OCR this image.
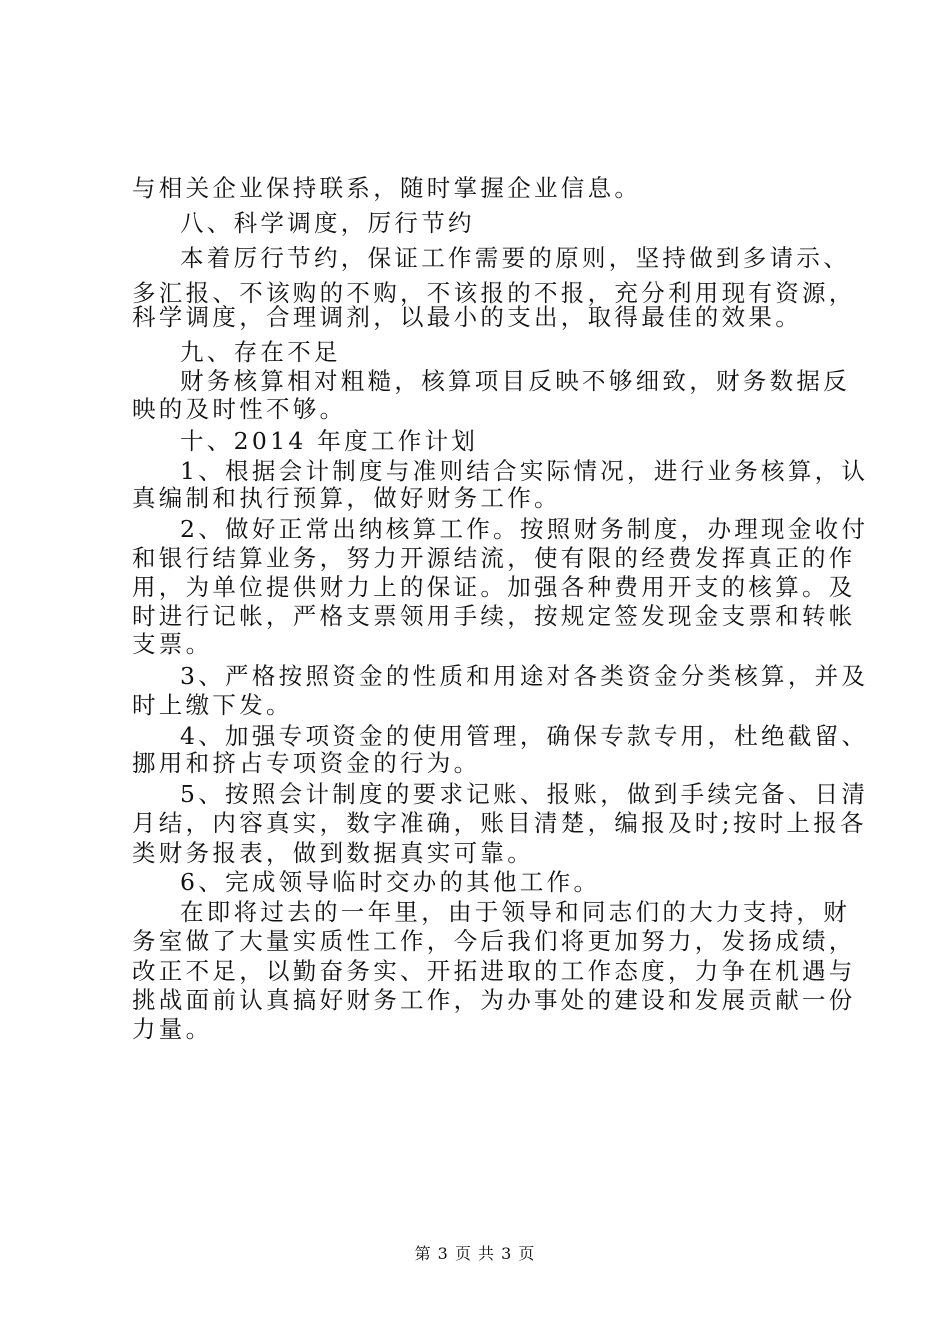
与相关企业保持联系，随时掌握企业信息。
八、科学调度，厉行节约
本着厉行节约，保证工作需要的原则，坚持做到多请示、
多汇报、不该购的不购，不该报的不报，充分利用现有资源，
科学调度，合理调剂，以最小的支出，取得最佳的效果。
九、存在不足
财务核算相对粗糙，核算项目反映不够细致，财务数据反
映的及时性不够。
十、2014 年度工作计划
1、根据会计制度与准则结合实际情况，进行业务核算，认
真编制和执行预算，做好财务工作。
2、做好正常出纳核算工作。按照财务制度，办理现金收付
和银行结算业务，努力开源结流，使有限的经费发挥真正的作
用，为单位提供财力上的保证。加强各种费用开支的核算。及
时进行记帐，严格支票领用手续，按规定签发现金支票和转帐
支票。
3、严格按照资金的性质和用途对各类资金分类核算，并及
时上缴下发。
4、加强专项资金的使用管理，确保专款专用，杜绝截留、
挪用和挤占专项资金的行为。
5、按照会计制度的要求记账、报账，做到手续完备、日清
月结，内容真实，数字准确，账目清楚，编报及时;按时上报各
类财务报表，做到数据真实可靠。
6、完成领导临时交办的其他工作。
在即将过去的一年里，由于领导和同志们的大力支持，财
务室做了大量实质性工作，今后我们将更加努力，发扬成绩，
改正不足，以勤奋务实、开拓进取的工作态度，力争在机遇与
挑战面前认真搞好财务工作，为办事处的建设和发展贡献一份
力量。
第 3 页 共 3 页
